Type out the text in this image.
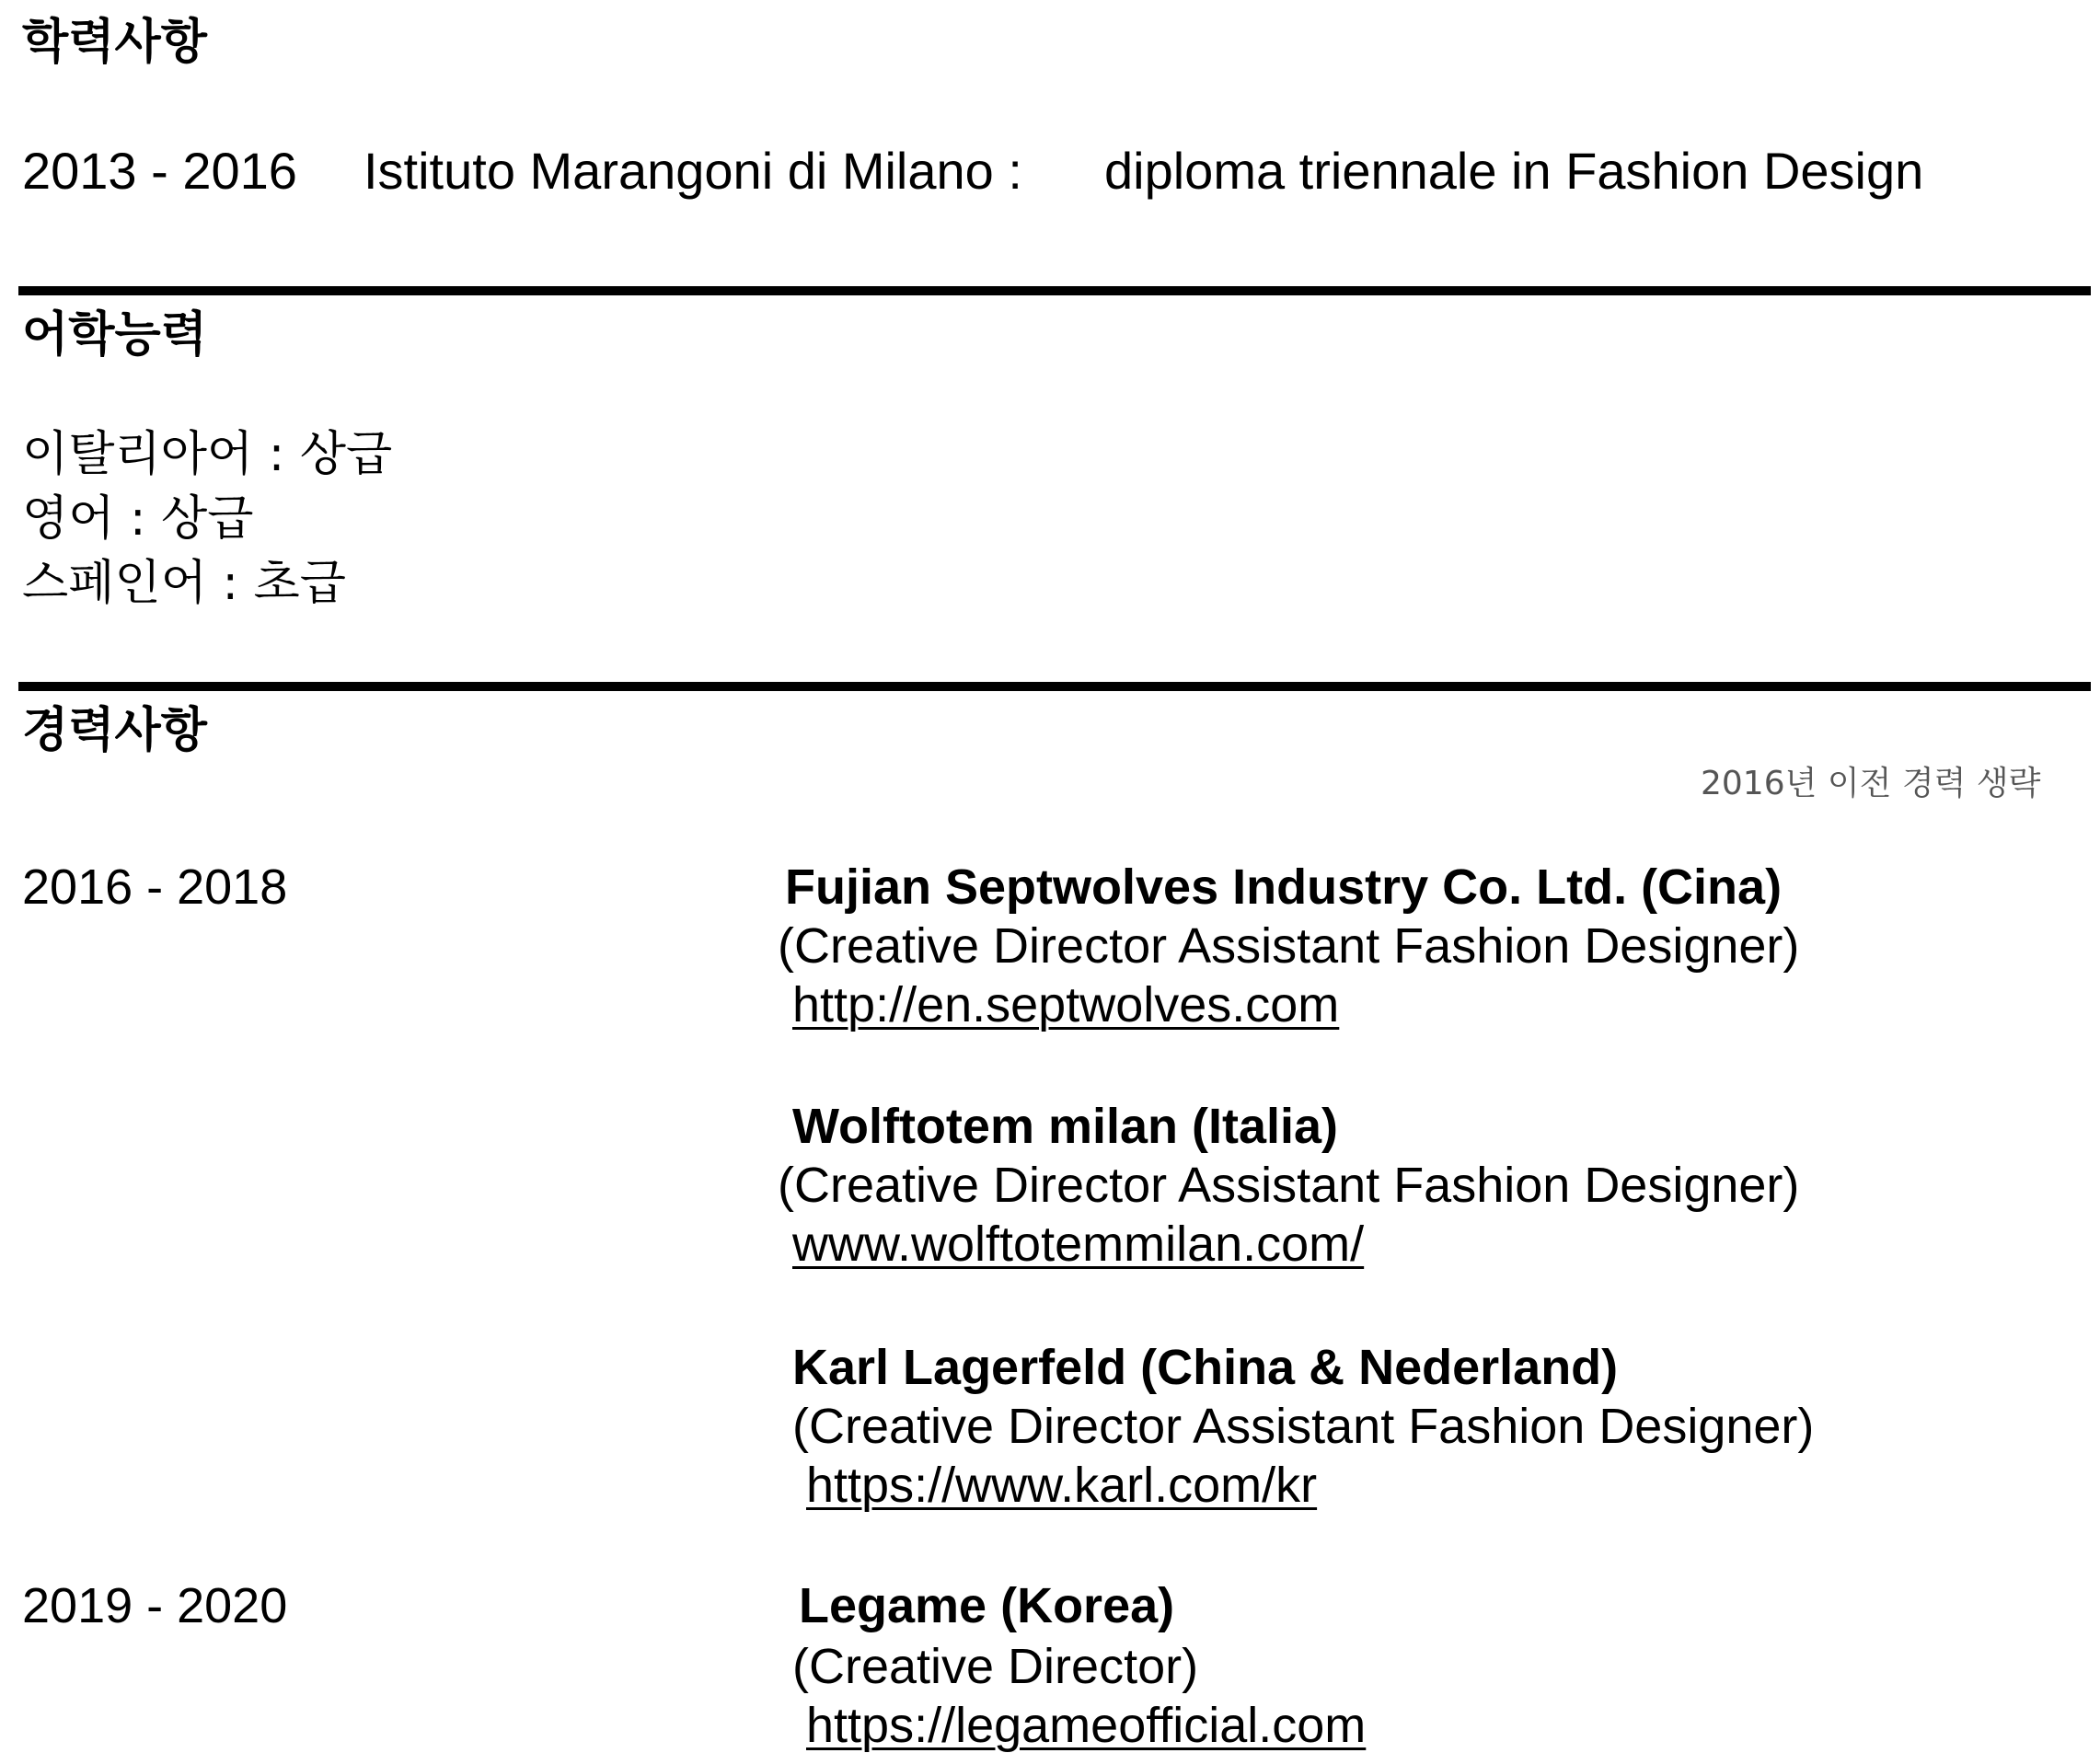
학력사항
2013 - 2016 Istituto Marangoni di Milano : diploma triennale in Fashion Design
어학능력
이탈리아어 : 상급
영어 : 상급
스페인어 : 초급
경력사항
2016년 이전 경력 생략
2016 - 2018	Fujian Septwolves Industry Co. Ltd. (Cina)
(Creative Director Assistant Fashion Designer)
http://en.septwolves.com
Wolftotem milan (Italia)
(Creative Director Assistant Fashion Designer)
www.wolftotemmilan.com/
Karl Lagerfeld (China & Nederland)
(Creative Director Assistant Fashion Designer)
https://www.karl.com/kr
2019 - 2020	Legame (Korea)
(Creative Director)
https://legameofficial.com
